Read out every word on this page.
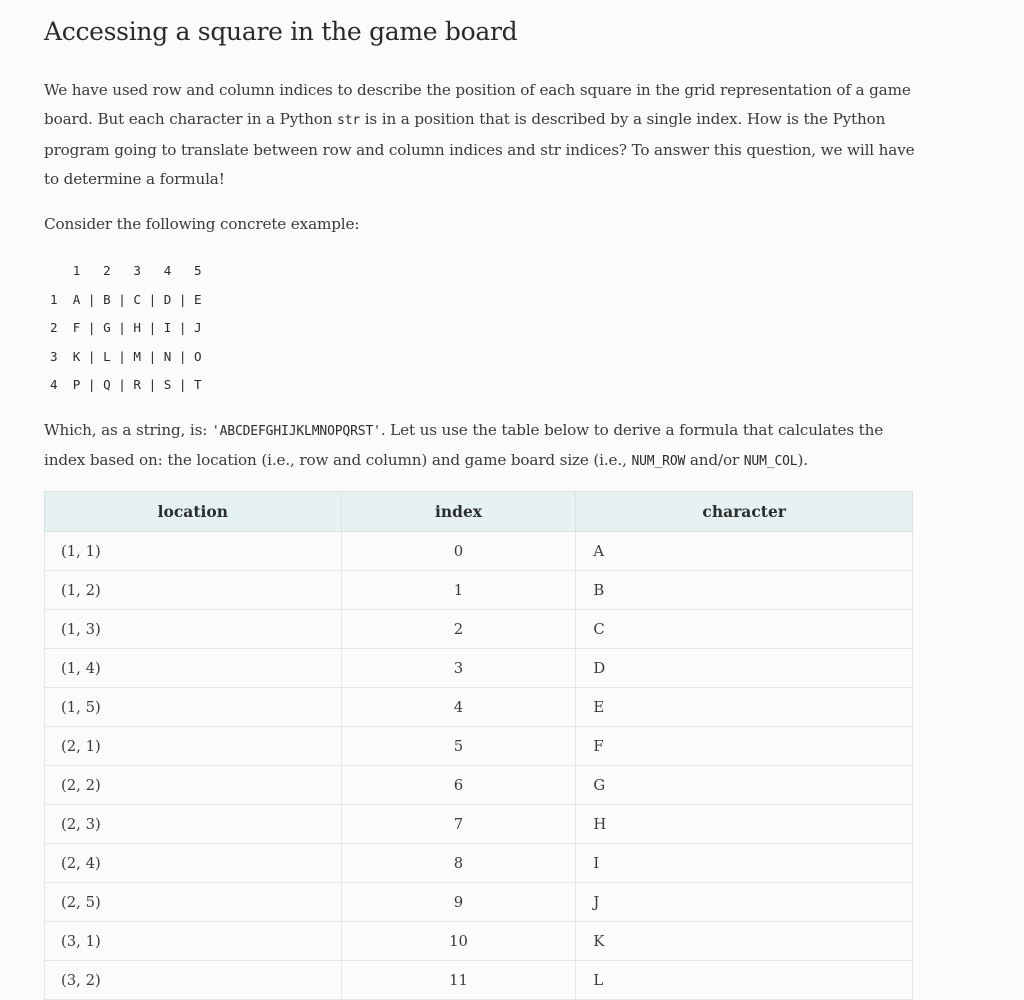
Accessing a square in the game board
We have used row and column indices to describe the position of each square in the grid representation of a game board. But each character in a Python str is in a position that is described by a single index. How is the Python program going to translate between row and column indices and str indices? To answer this question, we will have to determine a formula!
Consider the following concrete example:
1   2   3   4   5
1  A | B | C | D | E
2  F | G | H | I | J
3  K | L | M | N | O
4  P | Q | R | S | T
Which, as a string, is: 'ABCDEFGHIJKLMNOPQRST'. Let us use the table below to derive a formula that calculates the index based on: the location (i.e., row and column) and game board size (i.e., NUM_ROW and/or NUM_COL).
location	index	character
(1, 1)	0	A
(1, 2)	1	B
(1, 3)	2	C
(1, 4)	3	D
(1, 5)	4	E
(2, 1)	5	F
(2, 2)	6	G
(2, 3)	7	H
(2, 4)	8	I
(2, 5)	9	J
(3, 1)	10	K
(3, 2)	11	L
